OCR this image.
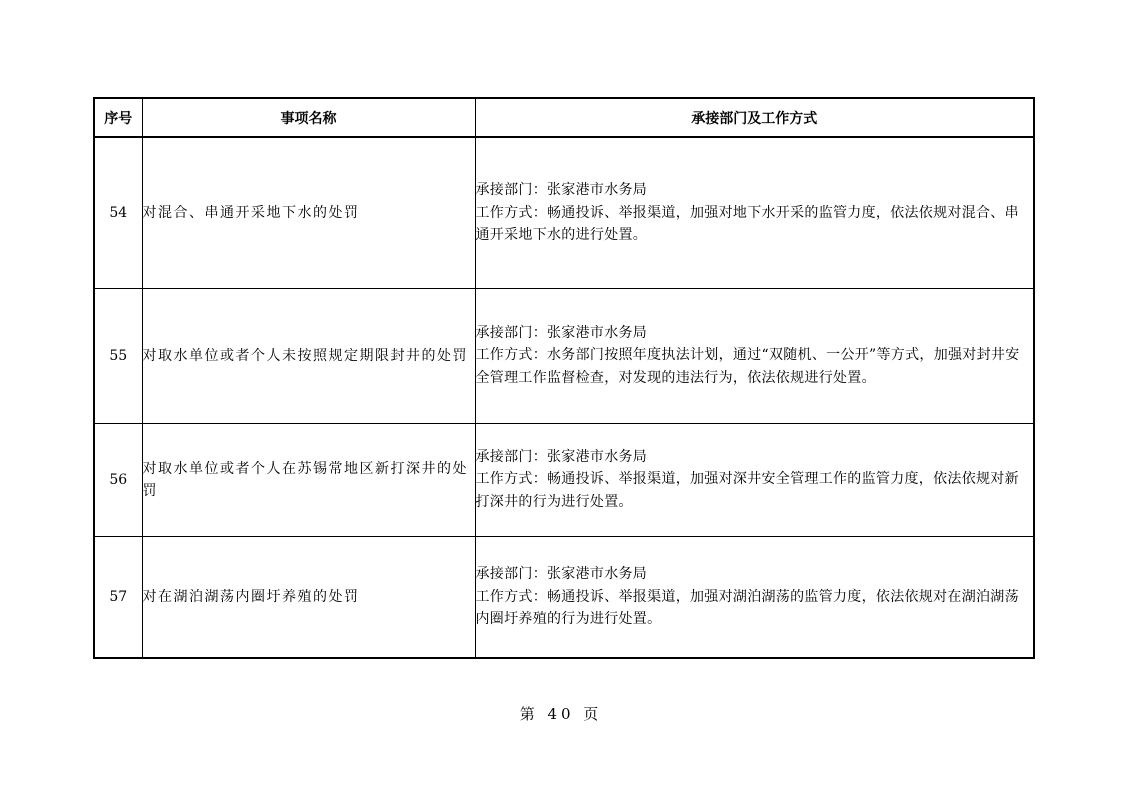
序号	事项名称	承接部门及工作方式
54	对混合、串通开采地下水的处罚	承接部门：张家港市水务局
工作方式：畅通投诉、举报渠道，加强对地下水开采的监管力度，依法依规对混合、串通开采地下水的进行处置。

55	对取水单位或者个人未按照规定期限封井的处罚	承接部门：张家港市水务局
工作方式：水务部门按照年度执法计划，通过“双随机、一公开”等方式，加强对封井安全管理工作监督检查，对发现的违法行为，依法依规进行处置。

56	对取水单位或者个人在苏锡常地区新打深井的处罚	承接部门：张家港市水务局
工作方式：畅通投诉、举报渠道，加强对深井安全管理工作的监管力度，依法依规对新打深井的行为进行处置。

57	对在湖泊湖荡内圈圩养殖的处罚	承接部门：张家港市水务局
工作方式：畅通投诉、举报渠道，加强对湖泊湖荡的监管力度，依法依规对在湖泊湖荡内圈圩养殖的行为进行处置。
第 40 页
